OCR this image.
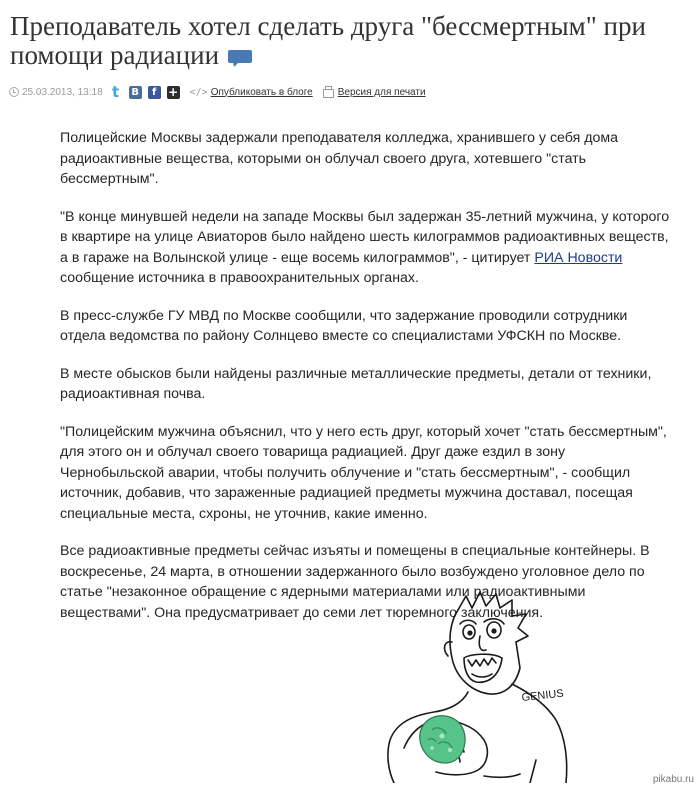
Преподаватель хотел сделать друга "бессмертным" при помощи радиации
25.03.2013, 13:18 t	B	f + </> Опубликовать в блоге	Версия для печати

Полицейские Москвы задержали преподавателя колледжа, хранившего у себя дома радиоактивные вещества, которыми он облучал своего друга, хотевшего "стать бессмертным".

"В конце минувшей недели на западе Москвы был задержан 35-летний мужчина, у которого в квартире на улице Авиаторов было найдено шесть килограммов радиоактивных веществ, а в гараже на Волынской улице - еще восемь килограммов", - цитирует РИА Новости сообщение источника в правоохранительных органах.

В пресс-службе ГУ МВД по Москве сообщили, что задержание проводили сотрудники отдела ведомства по району Солнцево вместе со специалистами УФСКН по Москве.

В месте обысков были найдены различные металлические предметы, детали от техники, радиоактивная почва.

"Полицейским мужчина объяснил, что у него есть друг, который хочет "стать бессмертным", для этого он и облучал своего товарища радиацией. Друг даже ездил в зону Чернобыльской аварии, чтобы получить облучение и "стать бессмертным", - сообщил источник, добавив, что зараженные радиацией предметы мужчина доставал, посещая специальные места, схроны, не уточнив, какие именно.

Все радиоактивные предметы сейчас изъяты и помещены в специальные контейнеры. В воскресенье, 24 марта, в отношении задержанного было возбуждено уголовное дело по статье "незаконное обращение с ядерными материалами или радиоактивными веществами". Она предусматривает до семи лет тюремного заключения.

GENIUS
pikabu.ru
